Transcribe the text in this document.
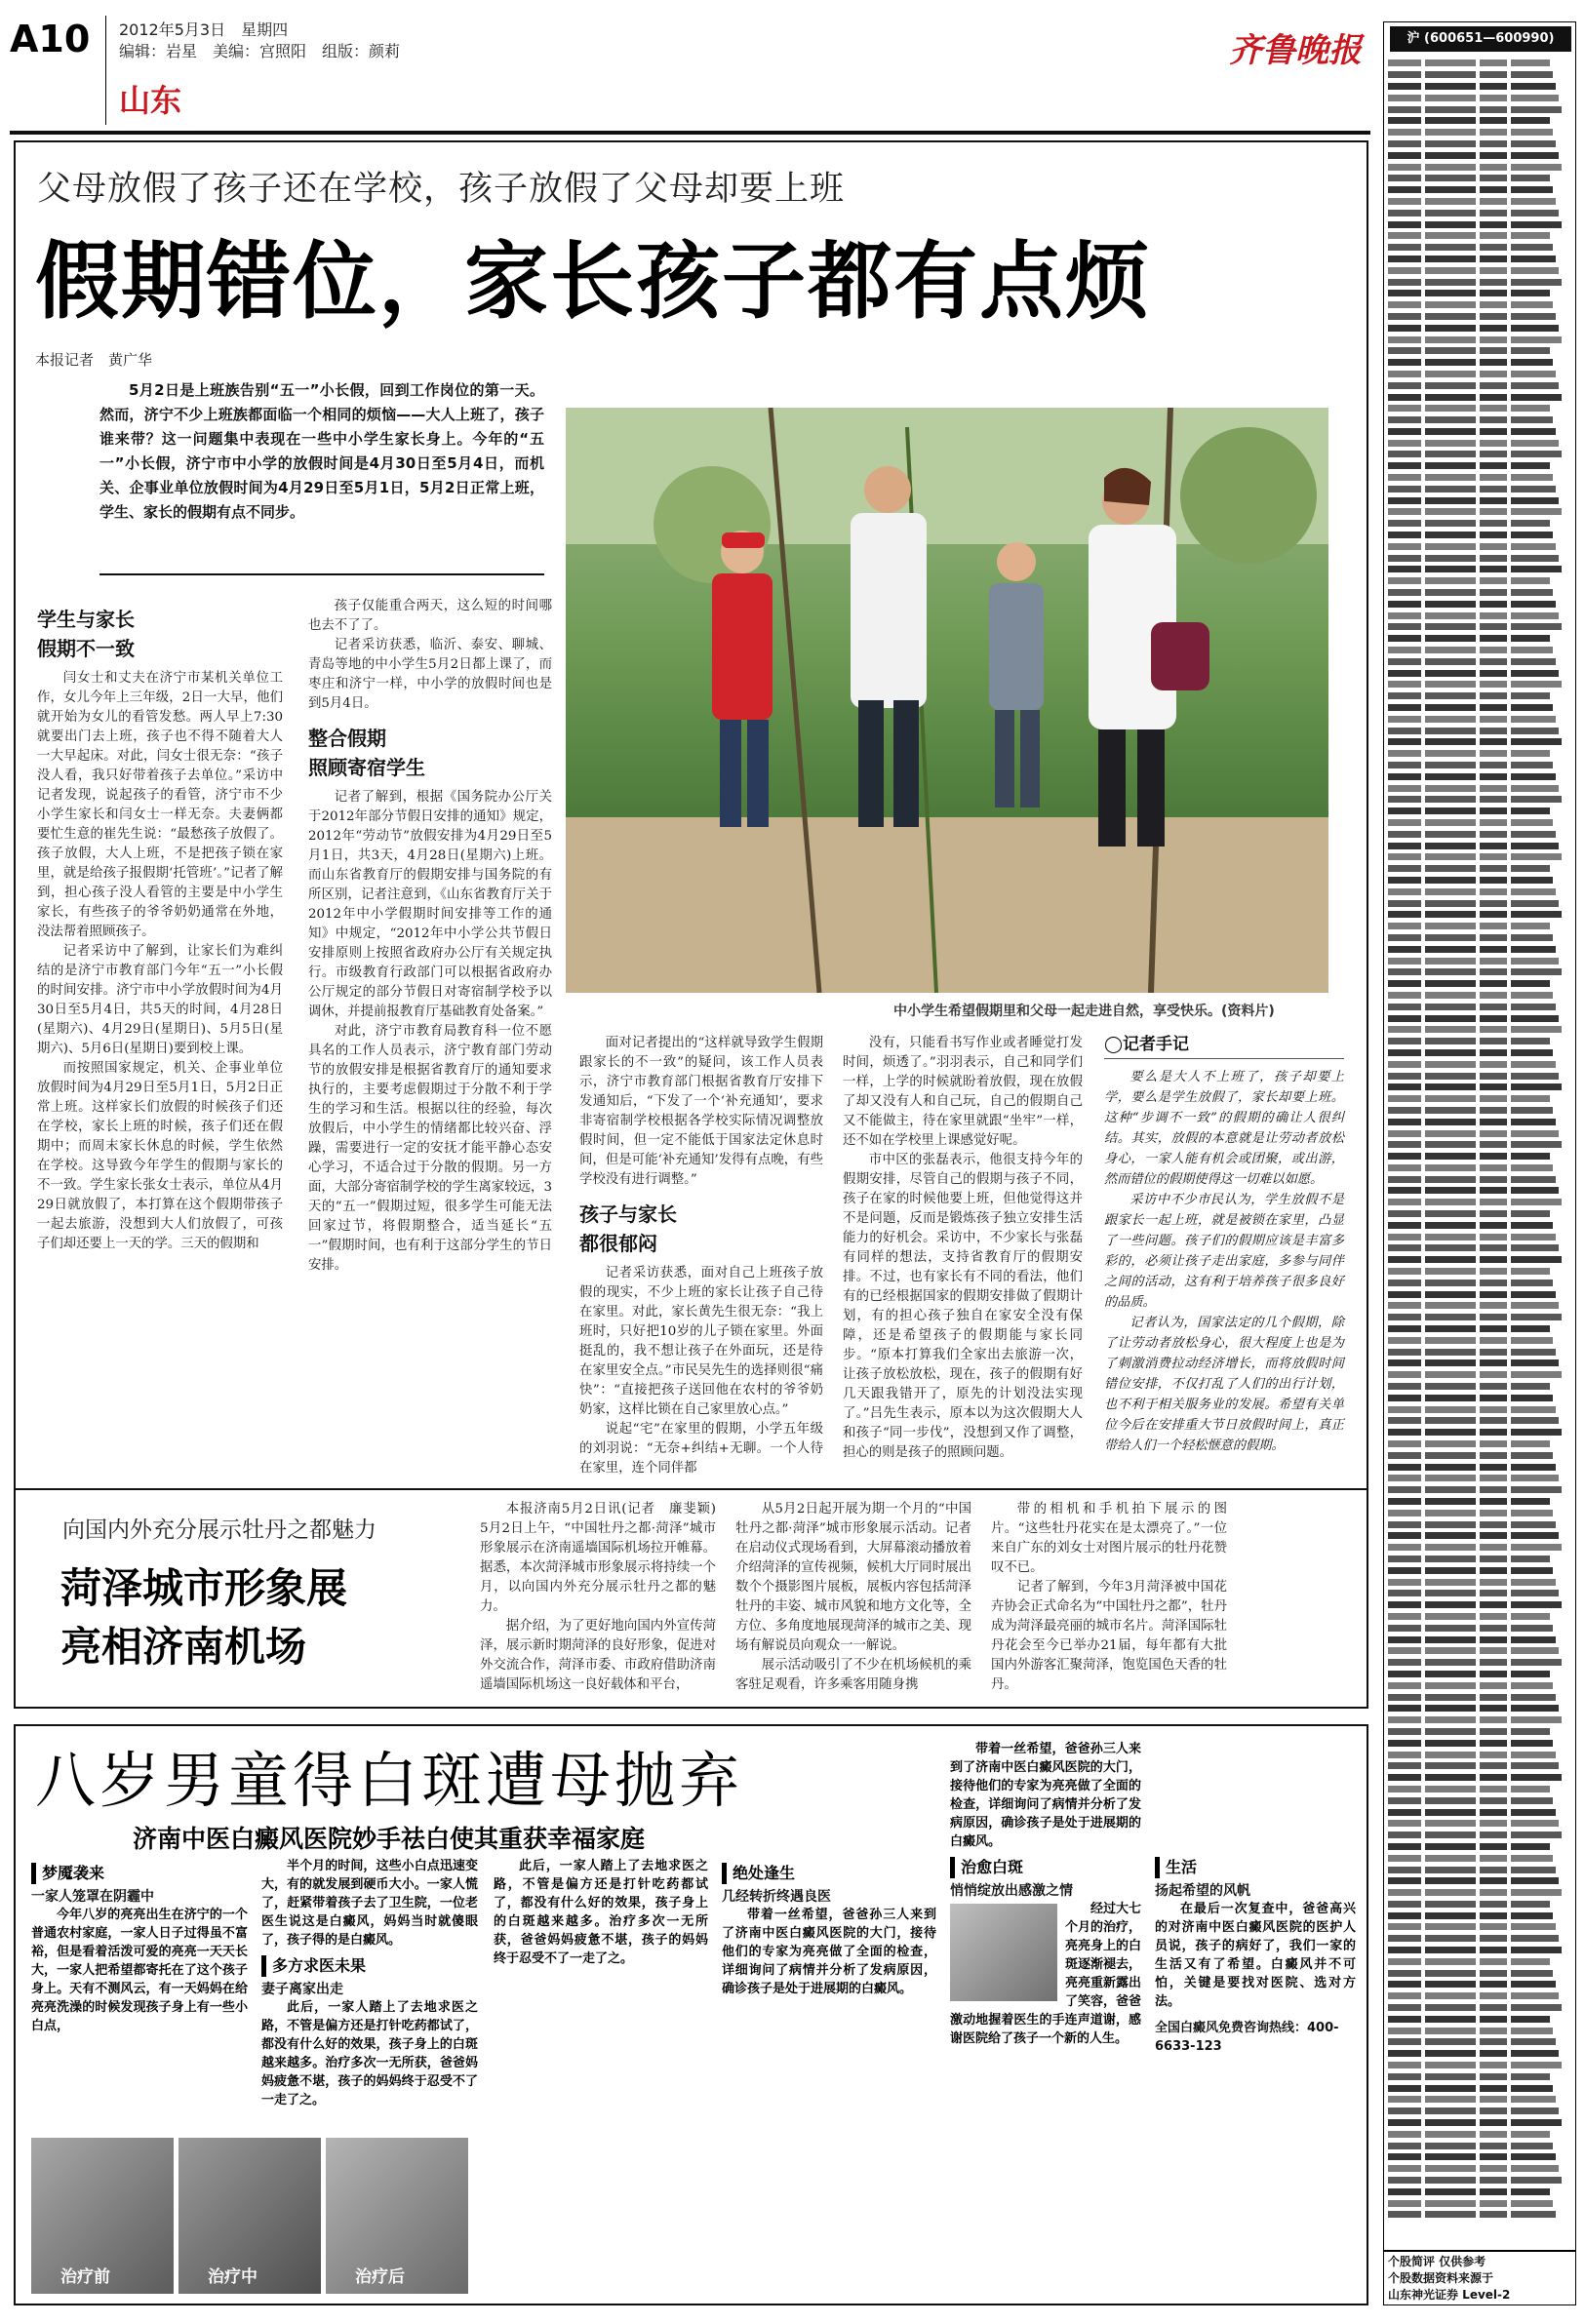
A10 2012年5月3日　星期四
编辑：岩星　美编：宫照阳　组版：颜莉
山东
齐鲁晚报	沪 (600651—600990)
个股简评 仅供参考
个股数据资料来源于
山东神光证券 Level-2
父母放假了孩子还在学校，孩子放假了父母却要上班
假期错位，家长孩子都有点烦
本报记者　黄广华
5月2日是上班族告别“五一”小长假，回到工作岗位的第一天。然而，济宁不少上班族都面临一个相同的烦恼——大人上班了，孩子谁来带？这一问题集中表现在一些中小学生家长身上。今年的“五一”小长假，济宁市中小学的放假时间是4月30日至5月4日，而机关、企事业单位放假时间为4月29日至5月1日，5月2日正常上班，学生、家长的假期有点不同步。
中小学生希望假期里和父母一起走进自然，享受快乐。(资料片)
学生与家长
假期不一致

闫女士和丈夫在济宁市某机关单位工作，女儿今年上三年级，2日一大早，他们就开始为女儿的看管发愁。两人早上7:30就要出门去上班，孩子也不得不随着大人一大早起床。对此，闫女士很无奈：“孩子没人看，我只好带着孩子去单位。”采访中记者发现，说起孩子的看管，济宁市不少小学生家长和闫女士一样无奈。夫妻俩都要忙生意的崔先生说：“最愁孩子放假了。孩子放假，大人上班，不是把孩子锁在家里，就是给孩子报假期‘托管班’。”记者了解到，担心孩子没人看管的主要是中小学生家长，有些孩子的爷爷奶奶通常在外地，没法帮着照顾孩子。

记者采访中了解到，让家长们为难纠结的是济宁市教育部门今年“五一”小长假的时间安排。济宁市中小学放假时间为4月30日至5月4日，共5天的时间，4月28日(星期六)、4月29日(星期日)、5月5日(星期六)、5月6日(星期日)要到校上课。

而按照国家规定，机关、企事业单位放假时间为4月29日至5月1日，5月2日正常上班。这样家长们放假的时候孩子们还在学校，家长上班的时候，孩子们还在假期中；而周末家长休息的时候，学生依然在学校。这导致今年学生的假期与家长的不一致。学生家长张女士表示，单位从4月29日就放假了，本打算在这个假期带孩子一起去旅游，没想到大人们放假了，可孩子们却还要上一天的学。三天的假期和

孩子仅能重合两天，这么短的时间哪也去不了了。

记者采访获悉，临沂、泰安、聊城、青岛等地的中小学生5月2日都上课了，而枣庄和济宁一样，中小学的放假时间也是到5月4日。

整合假期
照顾寄宿学生

记者了解到，根据《国务院办公厅关于2012年部分节假日安排的通知》规定，2012年“劳动节”放假安排为4月29日至5月1日，共3天，4月28日(星期六)上班。而山东省教育厅的假期安排与国务院的有所区别，记者注意到，《山东省教育厅关于2012年中小学假期时间安排等工作的通知》中规定，“2012年中小学公共节假日安排原则上按照省政府办公厅有关规定执行。市级教育行政部门可以根据省政府办公厅规定的部分节假日对寄宿制学校予以调休，并提前报教育厅基础教育处备案。”

对此，济宁市教育局教育科一位不愿具名的工作人员表示，济宁教育部门劳动节的放假安排是根据省教育厅的通知要求执行的，主要考虑假期过于分散不利于学生的学习和生活。根据以往的经验，每次放假后，中小学生的情绪都比较兴奋、浮躁，需要进行一定的安抚才能平静心态安心学习，不适合过于分散的假期。另一方面，大部分寄宿制学校的学生离家较远，3天的“五一”假期过短，很多学生可能无法回家过节，将假期整合，适当延长“五一”假期时间，也有利于这部分学生的节日安排。

面对记者提出的“这样就导致学生假期跟家长的不一致”的疑问，该工作人员表示，济宁市教育部门根据省教育厅安排下发通知后，“下发了一个‘补充通知’，要求非寄宿制学校根据各学校实际情况调整放假时间，但一定不能低于国家法定休息时间，但是可能‘补充通知’发得有点晚，有些学校没有进行调整。”

孩子与家长
都很郁闷

记者采访获悉，面对自己上班孩子放假的现实，不少上班的家长让孩子自己待在家里。对此，家长黄先生很无奈：“我上班时，只好把10岁的儿子锁在家里。外面挺乱的，我不想让孩子在外面玩，还是待在家里安全点。”市民吴先生的选择则很“痛快”：“直接把孩子送回他在农村的爷爷奶奶家，这样比锁在自己家里放心点。”

说起“宅”在家里的假期，小学五年级的刘羽说：“无奈+纠结+无聊。一个人待在家里，连个同伴都

没有，只能看书写作业或者睡觉打发时间，烦透了。”羽羽表示，自己和同学们一样，上学的时候就盼着放假，现在放假了却又没有人和自己玩，自己的假期自己又不能做主，待在家里就跟“坐牢”一样，还不如在学校里上课感觉好呢。

市中区的张磊表示，他很支持今年的假期安排，尽管自己的假期与孩子不同，孩子在家的时候他要上班，但他觉得这并不是问题，反而是锻炼孩子独立安排生活能力的好机会。采访中，不少家长与张磊有同样的想法，支持省教育厅的假期安排。不过，也有家长有不同的看法，他们有的已经根据国家的假期安排做了假期计划，有的担心孩子独自在家安全没有保障，还是希望孩子的假期能与家长同步。“原本打算我们全家出去旅游一次，让孩子放松放松，现在，孩子的假期有好几天跟我错开了，原先的计划没法实现了。”吕先生表示，原本以为这次假期大人和孩子“同一步伐”，没想到又作了调整，担心的则是孩子的照顾问题。

◯记者手记

要么是大人不上班了，孩子却要上学，要么是学生放假了，家长却要上班。这种“步调不一致”的假期的确让人很纠结。其实，放假的本意就是让劳动者放松身心，一家人能有机会或团聚，或出游，然而错位的假期使得这一切难以如愿。

采访中不少市民认为，学生放假不是跟家长一起上班，就是被锁在家里，凸显了一些问题。孩子们的假期应该是丰富多彩的，必须让孩子走出家庭，多参与同伴之间的活动，这有利于培养孩子很多良好的品质。

记者认为，国家法定的几个假期，除了让劳动者放松身心，很大程度上也是为了刺激消费拉动经济增长，而将放假时间错位安排，不仅打乱了人们的出行计划，也不利于相关服务业的发展。希望有关单位今后在安排重大节日放假时间上，真正带给人们一个轻松惬意的假期。

向国内外充分展示牡丹之都魅力
菏泽城市形象展
亮相济南机场

本报济南5月2日讯(记者　廉斐颖)　5月2日上午，“中国牡丹之都·菏泽”城市形象展示在济南遥墙国际机场拉开帷幕。据悉，本次菏泽城市形象展示将持续一个月，以向国内外充分展示牡丹之都的魅力。

据介绍，为了更好地向国内外宣传菏泽，展示新时期菏泽的良好形象，促进对外交流合作，菏泽市委、市政府借助济南遥墙国际机场这一良好载体和平台，

从5月2日起开展为期一个月的“中国牡丹之都·菏泽”城市形象展示活动。记者在启动仪式现场看到，大屏幕滚动播放着介绍菏泽的宣传视频，候机大厅同时展出数个个摄影图片展板，展板内容包括菏泽牡丹的丰姿、城市风貌和地方文化等，全方位、多角度地展现菏泽的城市之美、现场有解说员向观众一一解说。

展示活动吸引了不少在机场候机的乘客驻足观看，许多乘客用随身携

带的相机和手机拍下展示的图片。“这些牡丹花实在是太漂亮了。”一位来自广东的刘女士对图片展示的牡丹花赞叹不已。

记者了解到，今年3月菏泽被中国花卉协会正式命名为“中国牡丹之都”，牡丹成为菏泽最亮丽的城市名片。菏泽国际牡丹花会至今已举办21届，每年都有大批国内外游客汇聚菏泽，饱览国色天香的牡丹。

八岁男童得白斑遭母抛弃
济南中医白癜风医院妙手祛白使其重获幸福家庭
梦魇袭来
一家人笼罩在阴霾中
今年八岁的亮亮出生在济宁的一个普通农村家庭，一家人日子过得虽不富裕，但是看着活泼可爱的亮亮一天天长大，一家人把希望都寄托在了这个孩子身上。天有不测风云，有一天妈妈在给亮亮洗澡的时候发现孩子身上有一些小白点，
半个月的时间，这些小白点迅速变大，有的就发展到硬币大小。一家人慌了，赶紧带着孩子去了卫生院，一位老医生说这是白癜风，妈妈当时就傻眼了，孩子得的是白癜风。
多方求医未果
妻子离家出走
此后，一家人踏上了去地求医之路，不管是偏方还是打针吃药都试了，都没有什么好的效果，孩子身上的白斑越来越多。治疗多次一无所获，爸爸妈妈疲惫不堪，孩子的妈妈终于忍受不了一走了之。
治疗前	治疗中	治疗后
此后，一家人踏上了去地求医之路，不管是偏方还是打针吃药都试了，都没有什么好的效果，孩子身上的白斑越来越多。治疗多次一无所获，爸爸妈妈疲惫不堪，孩子的妈妈终于忍受不了一走了之。
绝处逢生
几经转折终遇良医
带着一丝希望，爸爸孙三人来到了济南中医白癜风医院的大门，接待他们的专家为亮亮做了全面的检查，详细询问了病情并分析了发病原因，确诊孩子是处于进展期的白癜风。
带着一丝希望，爸爸孙三人来到了济南中医白癜风医院的大门，接待他们的专家为亮亮做了全面的检查，详细询问了病情并分析了发病原因，确诊孩子是处于进展期的白癜风。
治愈白斑
悄悄绽放出感激之情
经过大七个月的治疗，亮亮身上的白斑逐渐褪去，亮亮重新露出了笑容，爸爸激动地握着医生的手连声道谢，感谢医院给了孩子一个新的人生。
生活
扬起希望的风帆
在最后一次复查中，爸爸高兴的对济南中医白癜风医院的医护人员说，孩子的病好了，我们一家的生活又有了希望。白癜风并不可怕，关键是要找对医院、选对方法。
全国白癜风免费咨询热线：400-6633-123
